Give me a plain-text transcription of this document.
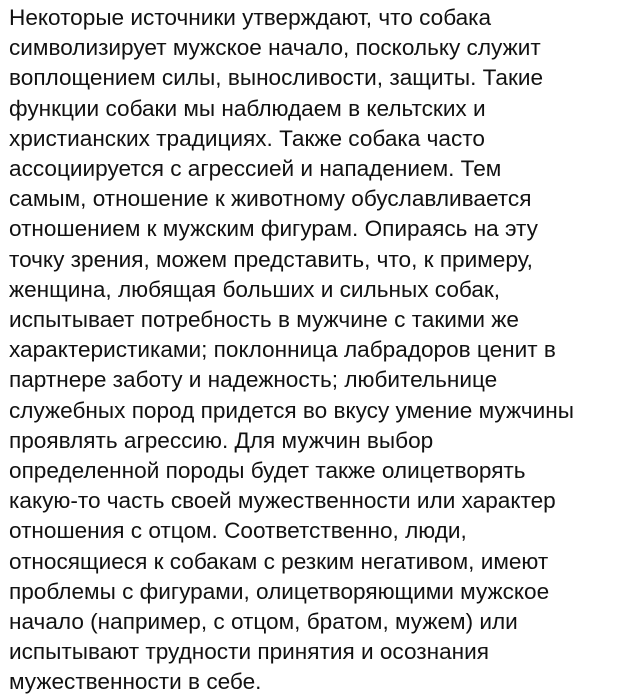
Некоторые источники утверждают, что собака
символизирует мужское начало, поскольку служит
воплощением силы, выносливости, защиты. Такие
функции собаки мы наблюдаем в кельтских и
христианских традициях. Также собака часто
ассоциируется с агрессией и нападением. Тем
самым, отношение к животному обуславливается
отношением к мужским фигурам. Опираясь на эту
точку зрения, можем представить, что, к примеру,
женщина, любящая больших и сильных собак,
испытывает потребность в мужчине с такими же
характеристиками; поклонница лабрадоров ценит в
партнере заботу и надежность; любительнице
служебных пород придется во вкусу умение мужчины
проявлять агрессию. Для мужчин выбор
определенной породы будет также олицетворять
какую-то часть своей мужественности или характер
отношения с отцом. Соответственно, люди,
относящиеся к собакам с резким негативом, имеют
проблемы с фигурами, олицетворяющими мужское
начало (например, с отцом, братом, мужем) или
испытывают трудности принятия и осознания
мужественности в себе.
